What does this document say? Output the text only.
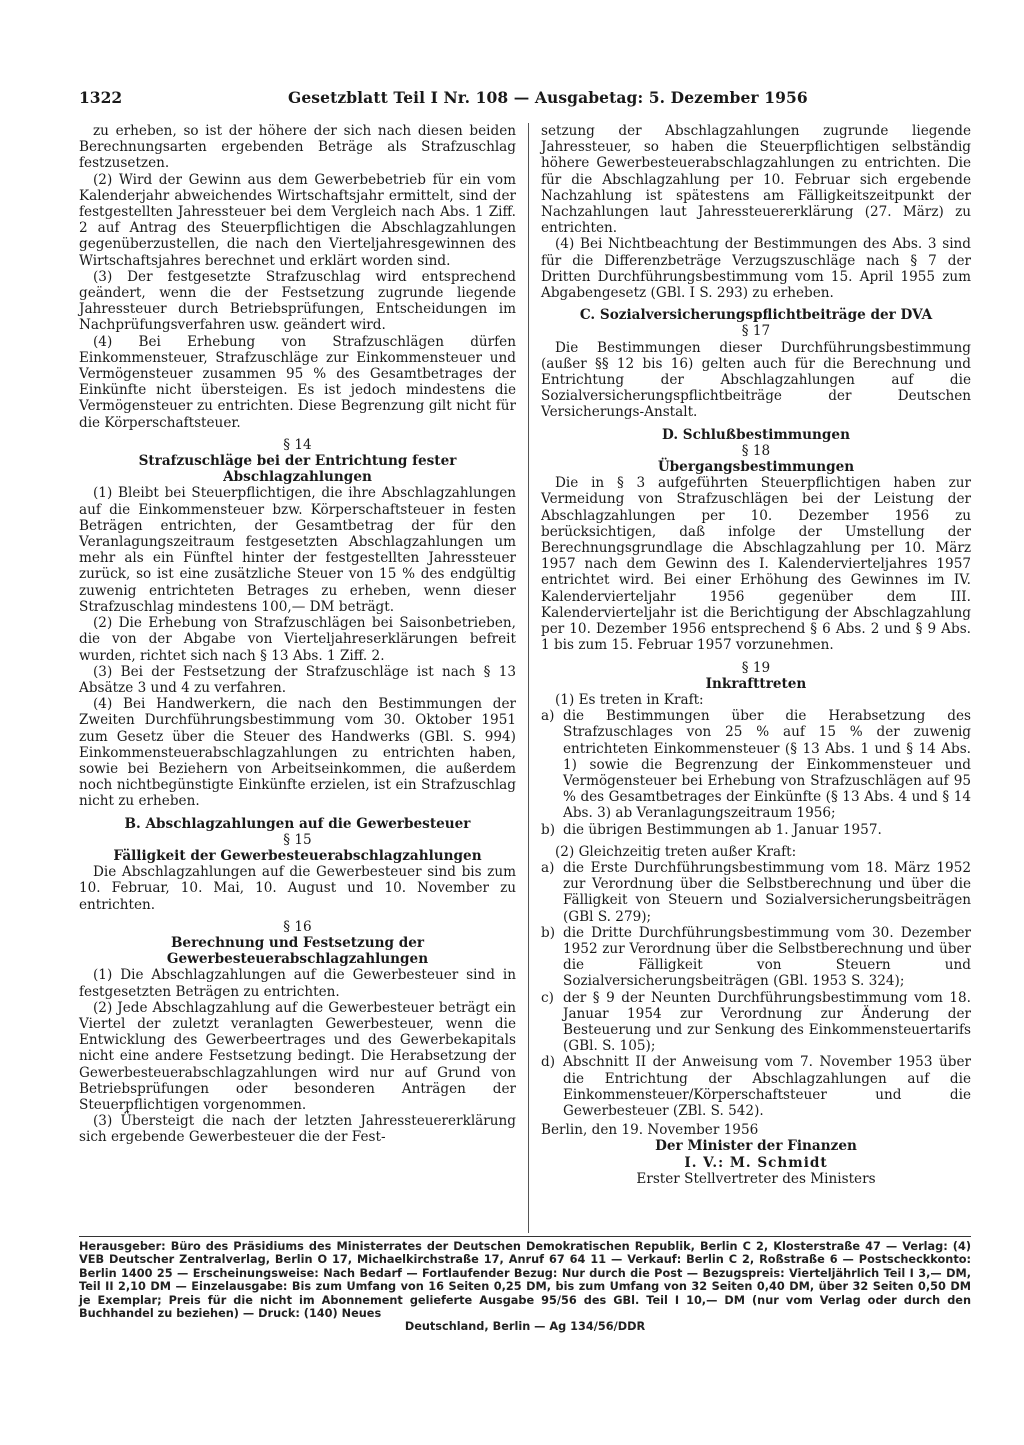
1322	Gesetzblatt Teil I Nr. 108 — Ausgabetag: 5. Dezember 1956

zu erheben, so ist der höhere der sich nach diesen beiden Berechnungsarten ergebenden Beträge als Strafzuschlag festzusetzen.

(2) Wird der Gewinn aus dem Gewerbebetrieb für ein vom Kalenderjahr abweichendes Wirtschaftsjahr ermittelt, sind der festgestellten Jahressteuer bei dem Vergleich nach Abs. 1 Ziff. 2 auf Antrag des Steuerpflichtigen die Abschlagzahlungen gegenüberzustellen, die nach den Vierteljahresgewinnen des Wirtschaftsjahres berechnet und erklärt worden sind.

(3) Der festgesetzte Strafzuschlag wird entsprechend geändert, wenn die der Festsetzung zugrunde liegende Jahressteuer durch Betriebsprüfungen, Entscheidungen im Nachprüfungsverfahren usw. geändert wird.

(4) Bei Erhebung von Strafzuschlägen dürfen Einkommensteuer, Strafzuschläge zur Einkommensteuer und Vermögensteuer zusammen 95 % des Gesamtbetrages der Einkünfte nicht übersteigen. Es ist jedoch mindestens die Vermögensteuer zu entrichten. Diese Begrenzung gilt nicht für die Körperschaftsteuer.

§ 14

Strafzuschläge bei der Entrichtung fester Abschlagzahlungen

(1) Bleibt bei Steuerpflichtigen, die ihre Abschlagzahlungen auf die Einkommensteuer bzw. Körperschaftsteuer in festen Beträgen entrichten, der Gesamtbetrag der für den Veranlagungszeitraum festgesetzten Abschlagzahlungen um mehr als ein Fünftel hinter der festgestellten Jahressteuer zurück, so ist eine zusätzliche Steuer von 15 % des endgültig zuwenig entrichteten Betrages zu erheben, wenn dieser Strafzuschlag mindestens 100,— DM beträgt.

(2) Die Erhebung von Strafzuschlägen bei Saisonbetrieben, die von der Abgabe von Vierteljahreserklärungen befreit wurden, richtet sich nach § 13 Abs. 1 Ziff. 2.

(3) Bei der Festsetzung der Strafzuschläge ist nach § 13 Absätze 3 und 4 zu verfahren.

(4) Bei Handwerkern, die nach den Bestimmungen der Zweiten Durchführungsbestimmung vom 30. Oktober 1951 zum Gesetz über die Steuer des Handwerks (GBl. S. 994) Einkommensteuerabschlagzahlungen zu entrichten haben, sowie bei Beziehern von Arbeitseinkommen, die außerdem noch nichtbegünstigte Einkünfte erzielen, ist ein Strafzuschlag nicht zu erheben.

B. Abschlagzahlungen auf die Gewerbesteuer

§ 15

Fälligkeit der Gewerbesteuerabschlagzahlungen

Die Abschlagzahlungen auf die Gewerbesteuer sind bis zum 10. Februar, 10. Mai, 10. August und 10. November zu entrichten.

§ 16

Berechnung und Festsetzung der Gewerbesteuerabschlagzahlungen

(1) Die Abschlagzahlungen auf die Gewerbesteuer sind in festgesetzten Beträgen zu entrichten.

(2) Jede Abschlagzahlung auf die Gewerbesteuer beträgt ein Viertel der zuletzt veranlagten Gewerbesteuer, wenn die Entwicklung des Gewerbeertrages und des Gewerbekapitals nicht eine andere Festsetzung bedingt. Die Herabsetzung der Gewerbesteuerabschlagzahlungen wird nur auf Grund von Betriebsprüfungen oder besonderen Anträgen der Steuerpflichtigen vorgenommen.

(3) Übersteigt die nach der letzten Jahressteuererklärung sich ergebende Gewerbesteuer die der Fest-

setzung der Abschlagzahlungen zugrunde liegende Jahressteuer, so haben die Steuerpflichtigen selbständig höhere Gewerbesteuerabschlagzahlungen zu entrichten. Die für die Abschlagzahlung per 10. Februar sich ergebende Nachzahlung ist spätestens am Fälligkeitszeitpunkt der Nachzahlungen laut Jahressteuererklärung (27. März) zu entrichten.

(4) Bei Nichtbeachtung der Bestimmungen des Abs. 3 sind für die Differenzbeträge Verzugszuschläge nach § 7 der Dritten Durchführungsbestimmung vom 15. April 1955 zum Abgabengesetz (GBl. I S. 293) zu erheben.

C. Sozialversicherungspflichtbeiträge der DVA

§ 17

Die Bestimmungen dieser Durchführungsbestimmung (außer §§ 12 bis 16) gelten auch für die Berechnung und Entrichtung der Abschlagzahlungen auf die Sozialversicherungspflichtbeiträge der Deutschen Versicherungs-Anstalt.

D. Schlußbestimmungen

§ 18

Übergangsbestimmungen

Die in § 3 aufgeführten Steuerpflichtigen haben zur Vermeidung von Strafzuschlägen bei der Leistung der Abschlagzahlungen per 10. Dezember 1956 zu berücksichtigen, daß infolge der Umstellung der Berechnungsgrundlage die Abschlagzahlung per 10. März 1957 nach dem Gewinn des I. Kalendervierteljahres 1957 entrichtet wird. Bei einer Erhöhung des Gewinnes im IV. Kalendervierteljahr 1956 gegenüber dem III. Kalendervierteljahr ist die Berichtigung der Abschlagzahlung per 10. Dezember 1956 entsprechend § 6 Abs. 2 und § 9 Abs. 1 bis zum 15. Februar 1957 vorzunehmen.

§ 19

Inkrafttreten

(1) Es treten in Kraft:

a) die Bestimmungen über die Herabsetzung des Strafzuschlages von 25 % auf 15 % der zuwenig entrichteten Einkommensteuer (§ 13 Abs. 1 und § 14 Abs. 1) sowie die Begrenzung der Einkommensteuer und Vermögensteuer bei Erhebung von Strafzuschlägen auf 95 % des Gesamtbetrages der Einkünfte (§ 13 Abs. 4 und § 14 Abs. 3) ab Veranlagungszeitraum 1956;
b) die übrigen Bestimmungen ab 1. Januar 1957.

(2) Gleichzeitig treten außer Kraft:

a) die Erste Durchführungsbestimmung vom 18. März 1952 zur Verordnung über die Selbstberechnung und über die Fälligkeit von Steuern und Sozialversicherungsbeiträgen (GBl S. 279);
b) die Dritte Durchführungsbestimmung vom 30. Dezember 1952 zur Verordnung über die Selbstberechnung und über die Fälligkeit von Steuern und Sozialversicherungsbeiträgen (GBl. 1953 S. 324);
c) der § 9 der Neunten Durchführungsbestimmung vom 18. Januar 1954 zur Verordnung zur Änderung der Besteuerung und zur Senkung des Einkommensteuertarifs (GBl. S. 105);
d) Abschnitt II der Anweisung vom 7. November 1953 über die Entrichtung der Abschlagzahlungen auf die Einkommensteuer/Körperschaftsteuer und die Gewerbesteuer (ZBl. S. 542).

Berlin, den 19. November 1956

Der Minister der Finanzen

I. V.: M. Schmidt

Erster Stellvertreter des Ministers

Herausgeber: Büro des Präsidiums des Ministerrates der Deutschen Demokratischen Republik, Berlin C 2, Klosterstraße 47 — Verlag: (4) VEB Deutscher Zentralverlag, Berlin O 17, Michaelkirchstraße 17, Anruf 67 64 11 — Verkauf: Berlin C 2, Roßstraße 6 — Postscheckkonto: Berlin 1400 25 — Erscheinungsweise: Nach Bedarf — Fortlaufender Bezug: Nur durch die Post — Bezugspreis: Vierteljährlich Teil I 3,— DM, Teil II 2,10 DM — Einzelausgabe: Bis zum Umfang von 16 Seiten 0,25 DM, bis zum Umfang von 32 Seiten 0,40 DM, über 32 Seiten 0,50 DM je Exemplar; Preis für die nicht im Abonnement gelieferte Ausgabe 95/56 des GBl. Teil I 10,— DM (nur vom Verlag oder durch den Buchhandel zu beziehen) — Druck: (140) Neues
Deutschland, Berlin — Ag 134/56/DDR
